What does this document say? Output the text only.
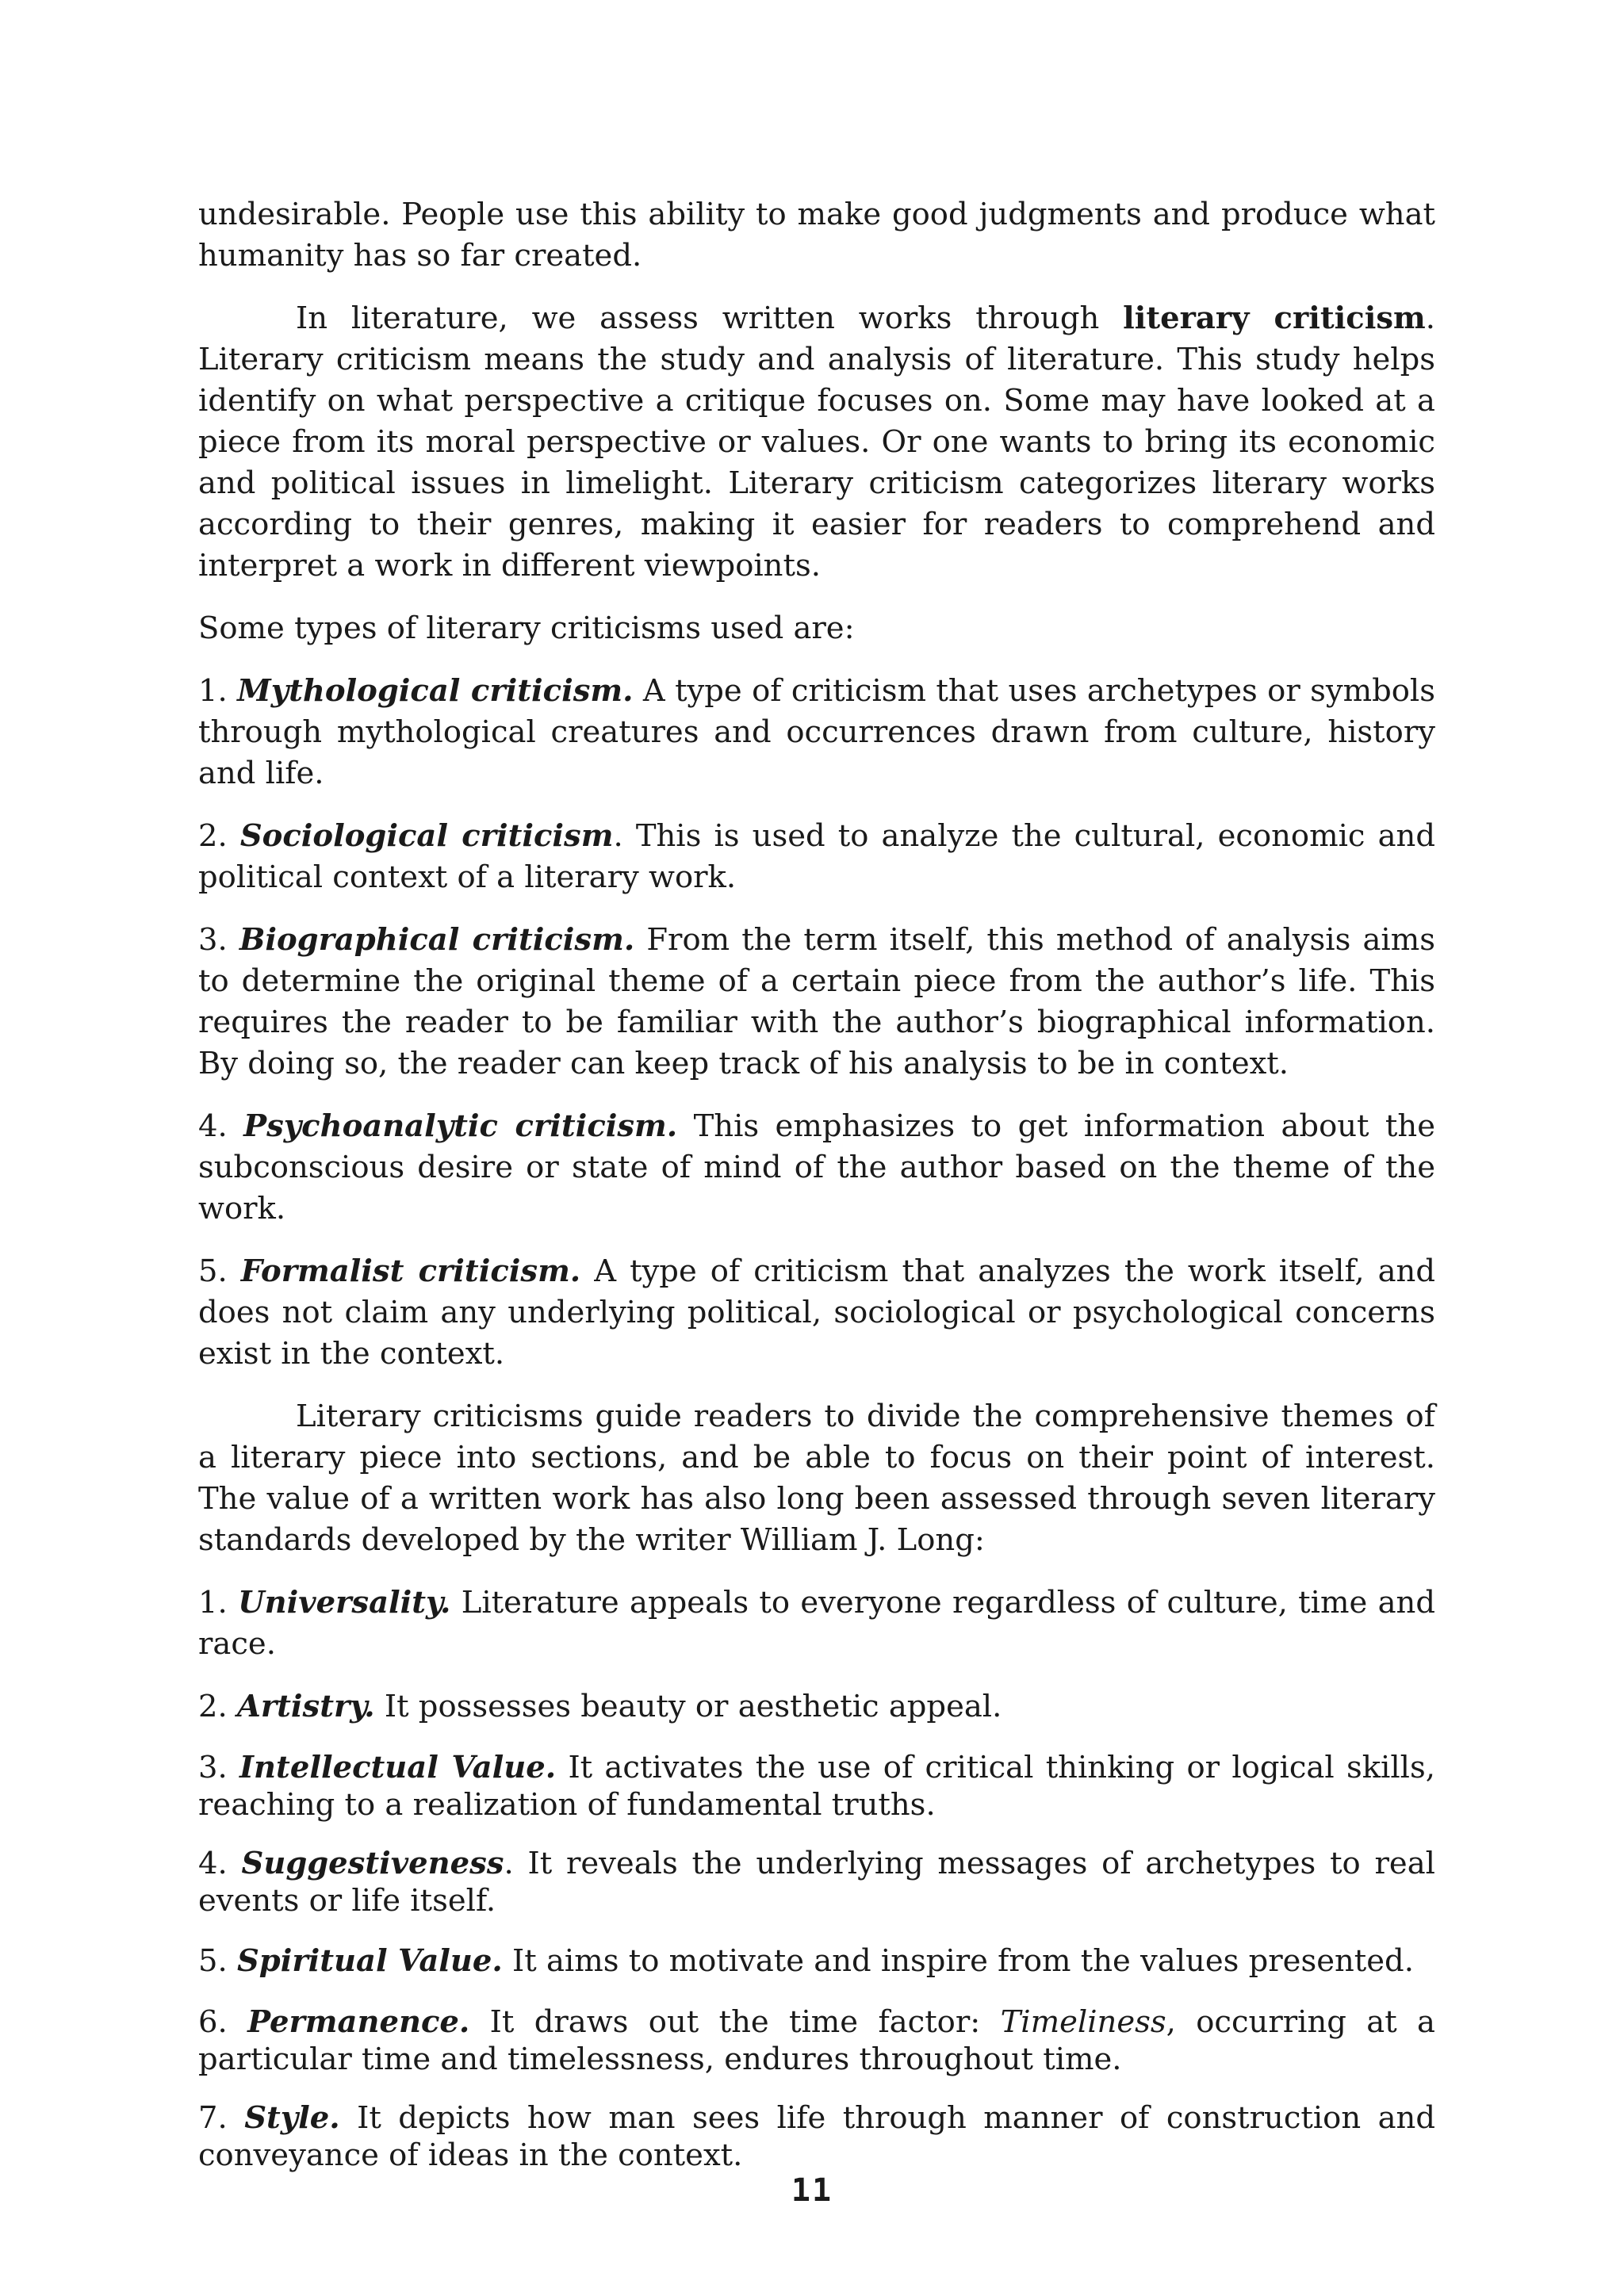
undesirable. People use this ability to make good judgments and produce what humanity has so far created.

In literature, we assess written works through literary criticism. Literary criticism means the study and analysis of literature. This study helps identify on what perspective a critique focuses on. Some may have looked at a piece from its moral perspective or values. Or one wants to bring its economic and political issues in limelight. Literary criticism categorizes literary works according to their genres, making it easier for readers to comprehend and interpret a work in different viewpoints.

Some types of literary criticisms used are:

1. Mythological criticism. A type of criticism that uses archetypes or symbols through mythological creatures and occurrences drawn from culture, history and life.

2. Sociological criticism. This is used to analyze the cultural, economic and political context of a literary work.

3. Biographical criticism. From the term itself, this method of analysis aims to determine the original theme of a certain piece from the author’s life. This requires the reader to be familiar with the author’s biographical information. By doing so, the reader can keep track of his analysis to be in context.

4. Psychoanalytic criticism. This emphasizes to get information about the subconscious desire or state of mind of the author based on the theme of the work.

5. Formalist criticism. A type of criticism that analyzes the work itself, and does not claim any underlying political, sociological or psychological concerns exist in the context.

Literary criticisms guide readers to divide the comprehensive themes of a literary piece into sections, and be able to focus on their point of interest. The value of a written work has also long been assessed through seven literary standards developed by the writer William J. Long:

1. Universality. Literature appeals to everyone regardless of culture, time and race.

2. Artistry. It possesses beauty or aesthetic appeal.

3. Intellectual Value. It activates the use of critical thinking or logical skills, reaching to a realization of fundamental truths.

4. Suggestiveness. It reveals the underlying messages of archetypes to real events or life itself.

5. Spiritual Value. It aims to motivate and inspire from the values presented.

6. Permanence. It draws out the time factor: Timeliness, occurring at a particular time and timelessness, endures throughout time.

7. Style. It depicts how man sees life through manner of construction and conveyance of ideas in the context.

11
